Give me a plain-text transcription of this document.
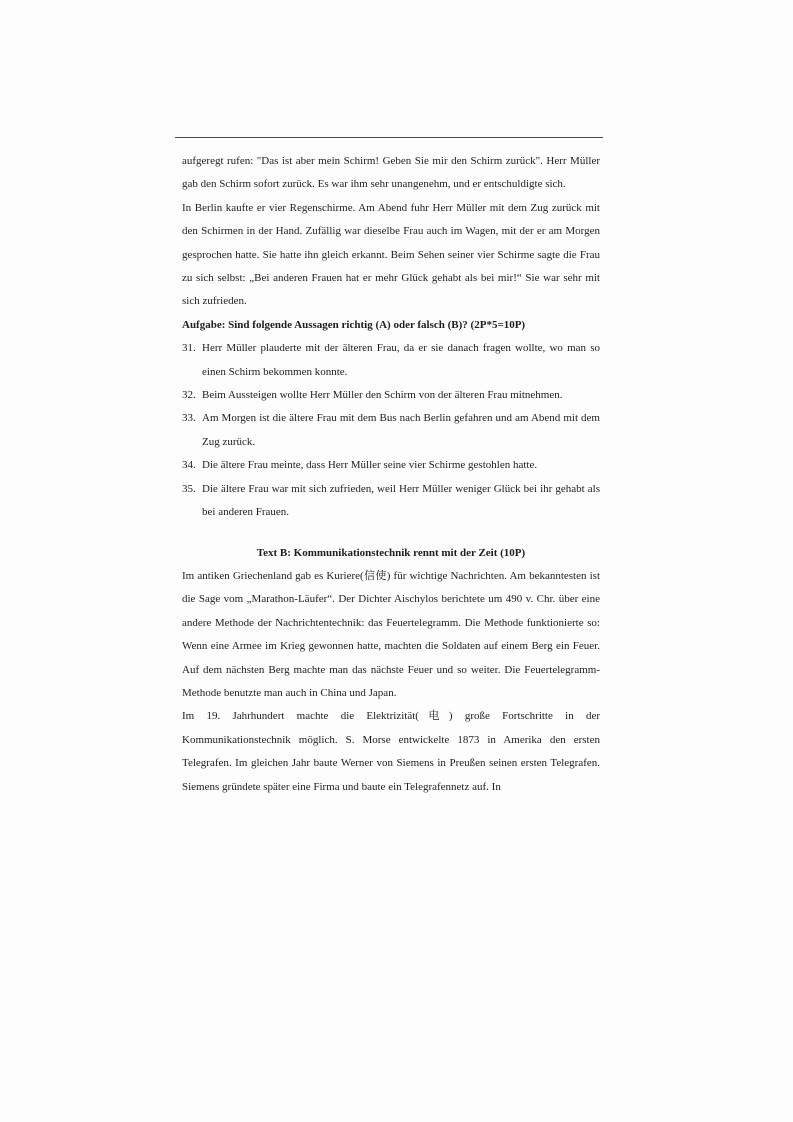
aufgeregt rufen: "Das ist aber mein Schirm! Geben Sie mir den Schirm zurück". Herr Müller gab den Schirm sofort zurück. Es war ihm sehr unangenehm, und er entschuldigte sich.

In Berlin kaufte er vier Regenschirme. Am Abend fuhr Herr Müller mit dem Zug zurück mit den Schirmen in der Hand. Zufällig war dieselbe Frau auch im Wagen, mit der er am Morgen gesprochen hatte. Sie hatte ihn gleich erkannt. Beim Sehen seiner vier Schirme sagte die Frau zu sich selbst: „Bei anderen Frauen hat er mehr Glück gehabt als bei mir!“ Sie war sehr mit sich zufrieden.

Aufgabe: Sind folgende Aussagen richtig (A) oder falsch (B)? (2P*5=10P)

31. Herr Müller plauderte mit der älteren Frau, da er sie danach fragen wollte, wo man so einen Schirm bekommen konnte.

32. Beim Aussteigen wollte Herr Müller den Schirm von der älteren Frau mitnehmen.

33. Am Morgen ist die ältere Frau mit dem Bus nach Berlin gefahren und am Abend mit dem Zug zurück.

34. Die ältere Frau meinte, dass Herr Müller seine vier Schirme gestohlen hatte.

35. Die ältere Frau war mit sich zufrieden, weil Herr Müller weniger Glück bei ihr gehabt als bei anderen Frauen.

Text B: Kommunikationstechnik rennt mit der Zeit (10P)

Im antiken Griechenland gab es Kuriere(信使) für wichtige Nachrichten. Am bekanntesten ist die Sage vom „Marathon-Läufer“. Der Dichter Aischylos berichtete um 490 v. Chr. über eine andere Methode der Nachrichtentechnik: das Feuertelegramm. Die Methode funktionierte so: Wenn eine Armee im Krieg gewonnen hatte, machten die Soldaten auf einem Berg ein Feuer. Auf dem nächsten Berg machte man das nächste Feuer und so weiter. Die Feuertelegramm-Methode benutzte man auch in China und Japan.

Im 19. Jahrhundert machte die Elektrizität(电) große Fortschritte in der Kommunikationstechnik möglich. S. Morse entwickelte 1873 in Amerika den ersten Telegrafen. Im gleichen Jahr baute Werner von Siemens in Preußen seinen ersten Telegrafen. Siemens gründete später eine Firma und baute ein Telegrafennetz auf. In
